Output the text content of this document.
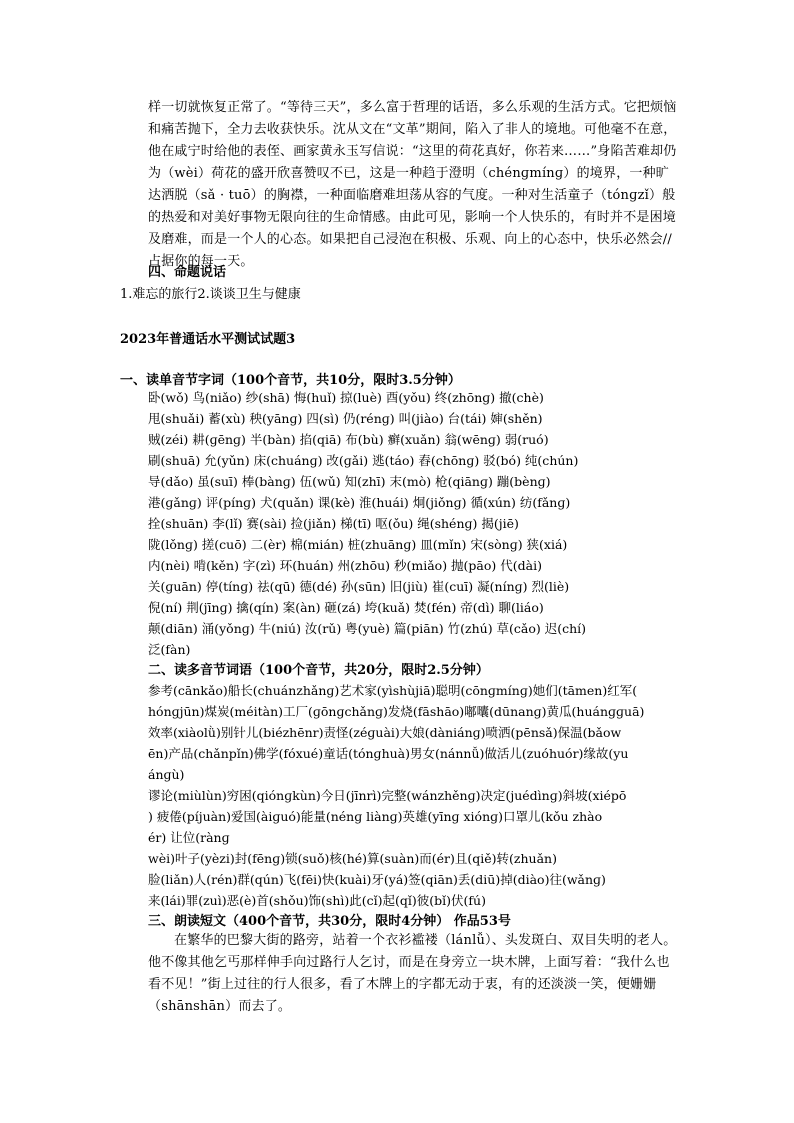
样一切就恢复正常了。“等待三天”，多么富于哲理的话语，多么乐观的生活方式。它把烦恼和痛苦抛下，全力去收获快乐。沈从文在“文革”期间，陷入了非人的境地。可他毫不在意，他在咸宁时给他的表侄、画家黄永玉写信说：“这里的荷花真好，你若来……”身陷苦难却仍为（wèi）荷花的盛开欣喜赞叹不已，这是一种趋于澄明（chénɡmínɡ）的境界，一种旷达洒脱（sǎ · tuō）的胸襟，一种面临磨难坦荡从容的气度。一种对生活童子（tónɡzǐ）般的热爱和对美好事物无限向往的生命情感。由此可见，影响一个人快乐的，有时并不是困境及磨难，而是一个人的心态。如果把自己浸泡在积极、乐观、向上的心态中，快乐必然会//占据你的每一天。
四、命题说话
1.难忘的旅行2.谈谈卫生与健康
2023年普通话水平测试试题3
一、读单音节字词（100个音节，共10分，限时3.5分钟）
卧(wǒ) 鸟(niǎo) 纱(shā) 悔(huǐ) 掠(luè) 酉(yǒu) 终(zhōnɡ) 撤(chè)
甩(shuǎi) 蓄(xù) 秧(yānɡ) 四(sì) 仍(rénɡ) 叫(jiào) 台(tái) 婶(shěn)
贼(zéi) 耕(ɡēnɡ) 半(bàn) 掐(qiā) 布(bù) 癣(xuǎn) 翁(wēnɡ) 弱(ruó)
刷(shuā) 允(yǔn) 床(chuánɡ) 改(ɡǎi) 逃(táo) 舂(chōnɡ) 驳(bó) 纯(chún)
导(dǎo) 虽(suī) 棒(bànɡ) 伍(wǔ) 知(zhī) 末(mò) 枪(qiānɡ) 蹦(bènɡ)
港(ɡǎnɡ) 评(pínɡ) 犬(quǎn) 课(kè) 淮(huái) 炯(jiǒnɡ) 循(xún) 纺(fǎnɡ)
拴(shuān) 李(lǐ) 赛(sài) 捡(jiǎn) 梯(tī) 呕(ǒu) 绳(shénɡ) 揭(jiē)
陇(lǒnɡ) 搓(cuō) 二(èr) 棉(mián) 桩(zhuānɡ) 皿(mǐn) 宋(sònɡ) 狭(xiá)
内(nèi) 啃(kěn) 字(zì) 环(huán) 州(zhōu) 秒(miǎo) 抛(pāo) 代(dài)
关(ɡuān) 停(tínɡ) 祛(qū) 德(dé) 孙(sūn) 旧(jiù) 崔(cuī) 凝(nínɡ) 烈(liè)
倪(ní) 荆(jīnɡ) 擒(qín) 案(àn) 砸(zá) 垮(kuǎ) 焚(fén) 帝(dì) 聊(liáo)
颠(diān) 涌(yǒnɡ) 牛(niú) 汝(rǔ) 粤(yuè) 篇(piān) 竹(zhú) 草(cǎo) 迟(chí)
泛(fàn)
二、读多音节词语（100个音节，共20分，限时2.5分钟）
参考(cānkǎo)船长(chuánzhǎnɡ)艺术家(yìshùjiā)聪明(cōnɡmínɡ)她们(tāmen)红军(
hónɡjūn)煤炭(méitàn)工厂(ɡōnɡchǎnɡ)发烧(fāshāo)嘟囔(dūnanɡ)黄瓜(huánɡɡuā)
效率(xiàolǜ)别针儿(biézhēnr)责怪(zéɡuài)大娘(dàniánɡ)喷洒(pēnsǎ)保温(bǎow
ēn)产品(chǎnpǐn)佛学(fóxué)童话(tónɡhuà)男女(nánnǚ)做活儿(zuóhuór)缘故(yu
ánɡù)
谬论(miùlùn)穷困(qiónɡkùn)今日(jīnrì)完整(wánzhěnɡ)决定(juédìnɡ)斜坡(xiépō
) 疲倦(píjuàn)爱国(àiɡuó)能量(nénɡ liànɡ)英雄(yīnɡ xiónɡ)口罩儿(kǒu zhào
ér) 让位(rànɡ
wèi)叶子(yèzi)封(fēnɡ)锁(suǒ)核(hé)算(suàn)而(ér)且(qiě)转(zhuǎn)
脸(liǎn)人(rén)群(qún)飞(fēi)快(kuài)牙(yá)签(qiān)丢(diū)掉(diào)往(wǎnɡ)
来(lái)罪(zuì)恶(è)首(shǒu)饰(shì)此(cǐ)起(qǐ)彼(bǐ)伏(fú)
三、朗读短文（400个音节，共30分，限时4分钟） 作品53号
在繁华的巴黎大街的路旁，站着一个衣衫褴褛（lánlǚ）、头发斑白、双目失明的老人。他不像其他乞丐那样伸手向过路行人乞讨，而是在身旁立一块木牌，上面写着：“我什么也看不见！”街上过往的行人很多，看了木牌上的字都无动于衷，有的还淡淡一笑，便姗姗（shānshān）而去了。
